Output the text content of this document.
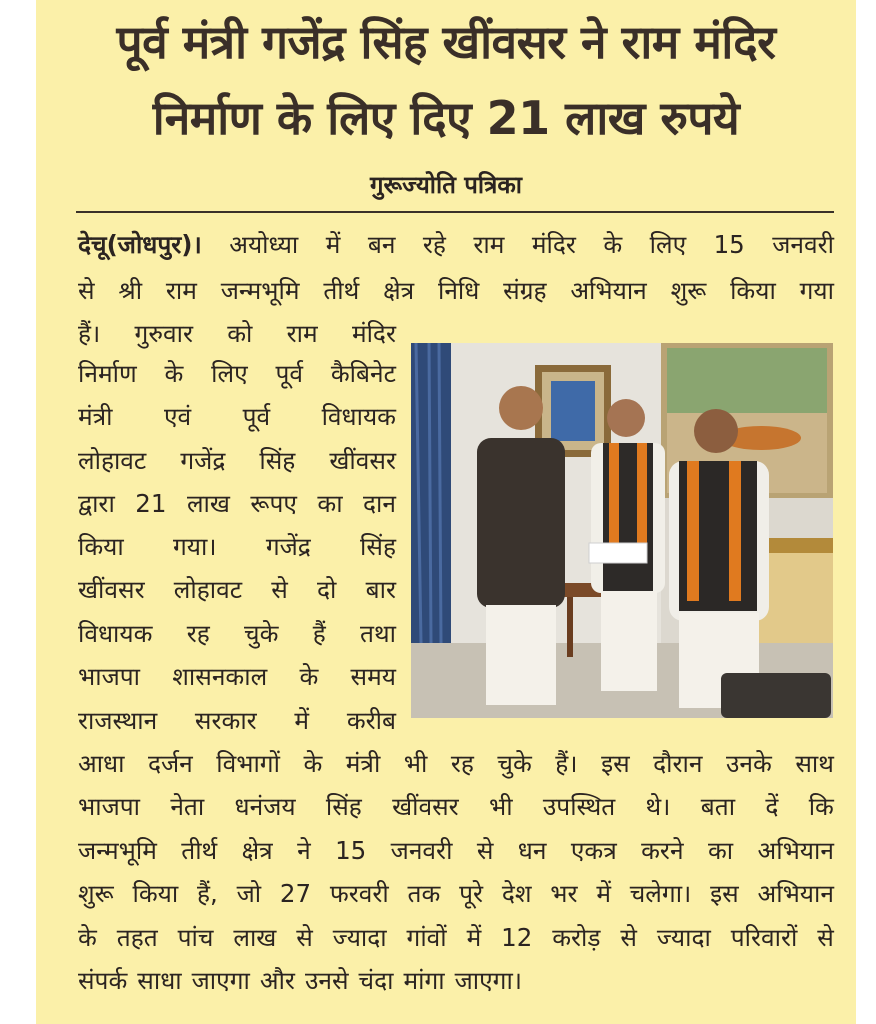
पूर्व मंत्री गजेंद्र सिंह खींवसर ने राम मंदिर
निर्माण के लिए दिए 21 लाख रुपये
गुरूज्योति पत्रिका
देचू(जोधपुर)। अयोध्या में बन रहे राम मंदिर के लिए 15 जनवरी
से श्री राम जन्मभूमि तीर्थ क्षेत्र निधि संग्रह अभियान शुरू किया गया
हैं। गुरुवार को राम मंदिर
निर्माण के लिए पूर्व कैबिनेट
मंत्री एवं पूर्व विधायक
लोहावट गजेंद्र सिंह खींवसर
द्वारा 21 लाख रूपए का दान
किया गया। गजेंद्र सिंह
खींवसर लोहावट से दो बार
विधायक रह चुके हैं तथा
भाजपा शासनकाल के समय
राजस्थान सरकार में करीब
आधा दर्जन विभागों के मंत्री भी रह चुके हैं। इस दौरान उनके साथ
भाजपा नेता धनंजय सिंह खींवसर भी उपस्थित थे। बता दें कि
जन्मभूमि तीर्थ क्षेत्र ने 15 जनवरी से धन एकत्र करने का अभियान
शुरू किया हैं, जो 27 फरवरी तक पूरे देश भर में चलेगा। इस अभियान
के तहत पांच लाख से ज्यादा गांवों में 12 करोड़ से ज्यादा परिवारों से
संपर्क साधा जाएगा और उनसे चंदा मांगा जाएगा।
